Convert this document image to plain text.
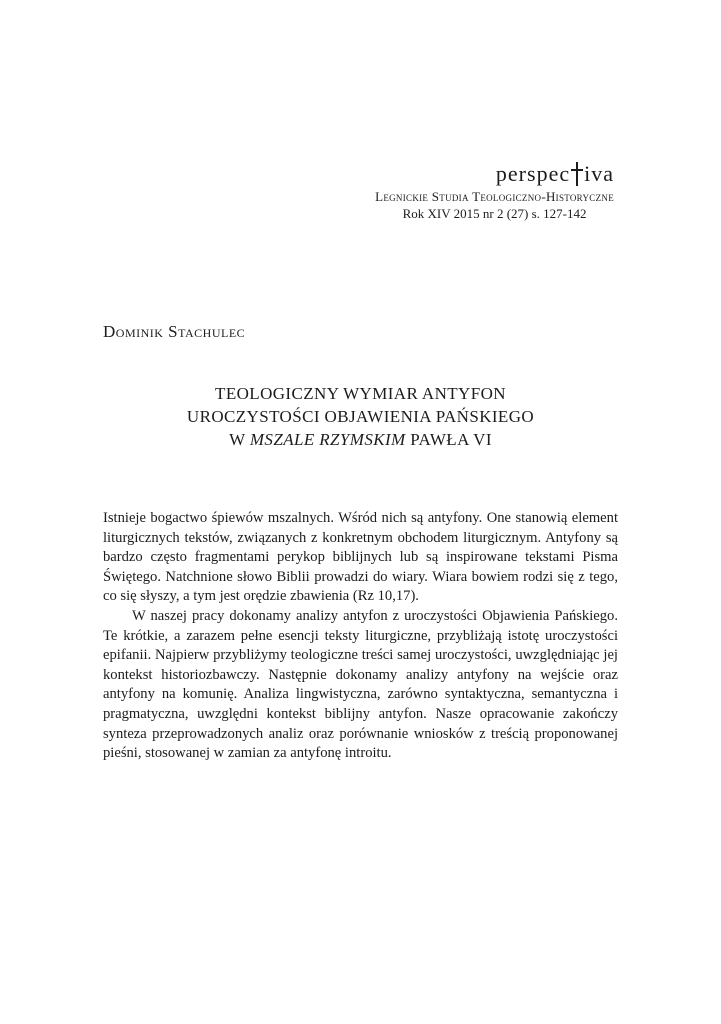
perspec iva
Legnickie Studia Teologiczno-Historyczne
Rok XIV 2015 nr 2 (27) s. 127-142
Dominik Stachulec
TEOLOGICZNY WYMIAR ANTYFON
UROCZYSTOŚCI OBJAWIENIA PAŃSKIEGO
W MSZALE RZYMSKIM PAWŁA VI

Istnieje bogactwo śpiewów mszalnych. Wśród nich są antyfony. One stanowią element liturgicznych tekstów, związanych z konkretnym obchodem liturgicznym. Antyfony są bardzo często fragmentami perykop biblijnych lub są inspirowane tekstami Pisma Świętego. Natchnione słowo Biblii prowadzi do wiary. Wiara bowiem rodzi się z tego, co się słyszy, a tym jest orędzie zbawienia (Rz 10,17).

W naszej pracy dokonamy analizy antyfon z uroczystości Objawienia Pańskiego. Te krótkie, a zarazem pełne esencji teksty liturgiczne, przybliżają istotę uroczystości epifanii. Najpierw przybliżymy teologiczne treści samej uroczystości, uwzględniając jej kontekst historiozbawczy. Następnie dokonamy analizy antyfony na wejście oraz antyfony na komunię. Analiza lingwistyczna, zarówno syntaktyczna, semantyczna i pragmatyczna, uwzględni kontekst biblijny antyfon. Nasze opracowanie zakończy synteza przeprowadzonych analiz oraz porównanie wniosków z treścią proponowanej pieśni, stosowanej w zamian za antyfonę introitu.
